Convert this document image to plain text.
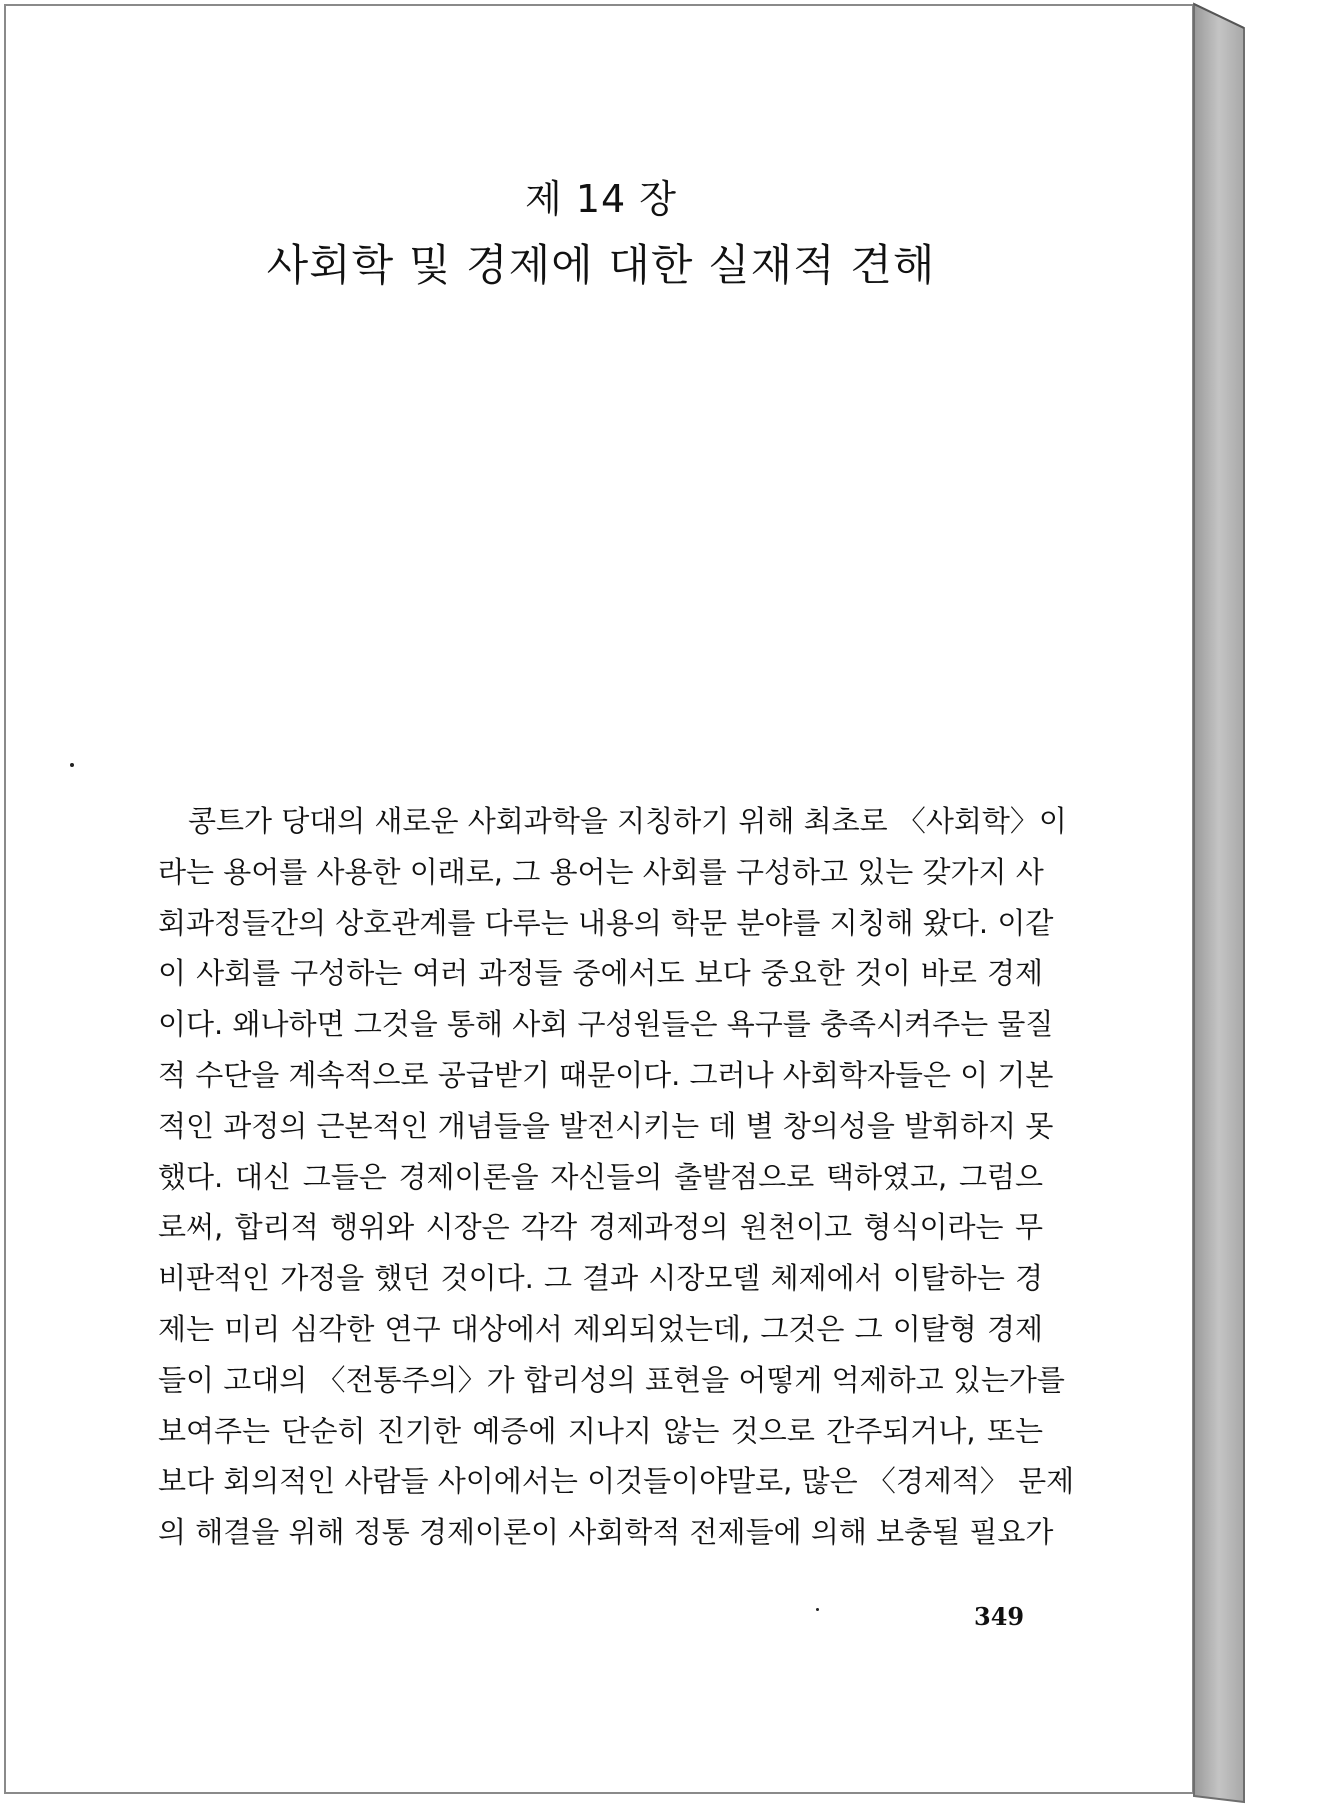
제 14 장
사회학 및 경제에 대한 실재적 견해
콩트가 당대의 새로운 사회과학을 지칭하기 위해 최초로 〈사회학〉이
라는 용어를 사용한 이래로, 그 용어는 사회를 구성하고 있는 갖가지 사
회과정들간의 상호관계를 다루는 내용의 학문 분야를 지칭해 왔다. 이같
이 사회를 구성하는 여러 과정들 중에서도 보다 중요한 것이 바로 경제
이다. 왜나하면 그것을 통해 사회 구성원들은 욕구를 충족시켜주는 물질
적 수단을 계속적으로 공급받기 때문이다. 그러나 사회학자들은 이 기본
적인 과정의 근본적인 개념들을 발전시키는 데 별 창의성을 발휘하지 못
했다. 대신 그들은 경제이론을 자신들의 출발점으로 택하였고, 그럼으
로써, 합리적 행위와 시장은 각각 경제과정의 원천이고 형식이라는 무
비판적인 가정을 했던 것이다. 그 결과 시장모델 체제에서 이탈하는 경
제는 미리 심각한 연구 대상에서 제외되었는데, 그것은 그 이탈형 경제
들이 고대의 〈전통주의〉가 합리성의 표현을 어떻게 억제하고 있는가를
보여주는 단순히 진기한 예증에 지나지 않는 것으로 간주되거나, 또는
보다 회의적인 사람들 사이에서는 이것들이야말로, 많은 〈경제적〉 문제
의 해결을 위해 정통 경제이론이 사회학적 전제들에 의해 보충될 필요가
349
